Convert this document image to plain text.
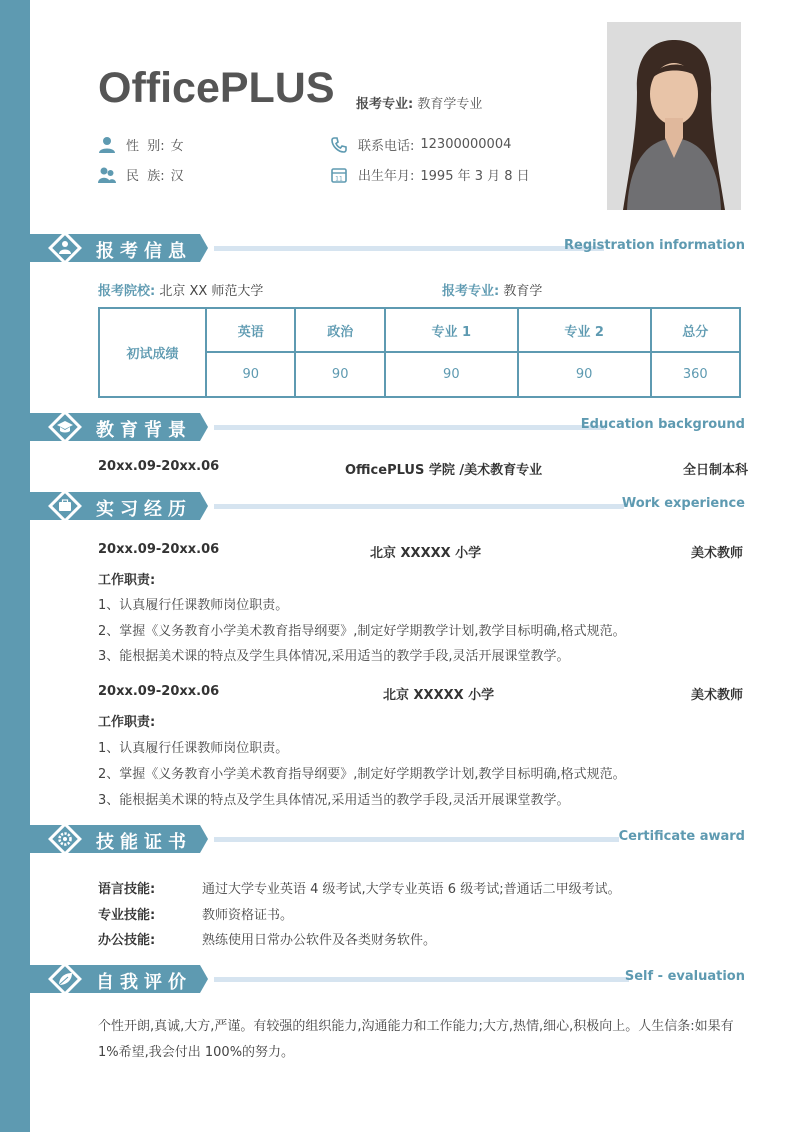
OfficePLUS 报考专业: 教育学专业
性  别: 女
民  族: 汉
联系电话: 12300000004
11 出生年月: 1995 年 3 月 8 日
报考信息	Registration information
报考院校: 北京 XX 师范大学	报考专业: 教育学
初试成绩	英语	政治	专业 1	专业 2	总分
	90	90	90	90	360
教育背景	Education background
20xx.09-20xx.06	OfficePLUS 学院 /美术教育专业	全日制本科
实习经历	Work experience
20xx.09-20xx.06	北京 XXXXX 小学	美术教师
工作职责:
1、认真履行任课教师岗位职责。
2、掌握《义务教育小学美术教育指导纲要》,制定好学期教学计划,教学目标明确,格式规范。
3、能根据美术课的特点及学生具体情况,采用适当的教学手段,灵活开展课堂教学。
20xx.09-20xx.06	北京 XXXXX 小学	美术教师
工作职责:
1、认真履行任课教师岗位职责。
2、掌握《义务教育小学美术教育指导纲要》,制定好学期教学计划,教学目标明确,格式规范。
3、能根据美术课的特点及学生具体情况,采用适当的教学手段,灵活开展课堂教学。
技能证书	Certificate award
语言技能:	通过大学专业英语 4 级考试,大学专业英语 6 级考试;普通话二甲级考试。
专业技能:	教师资格证书。
办公技能:	熟练使用日常办公软件及各类财务软件。
自我评价	Self - evaluation
个性开朗,真诚,大方,严谨。有较强的组织能力,沟通能力和工作能力;大方,热情,细心,积极向上。人生信条:如果有 1%希望,我会付出 100%的努力。
